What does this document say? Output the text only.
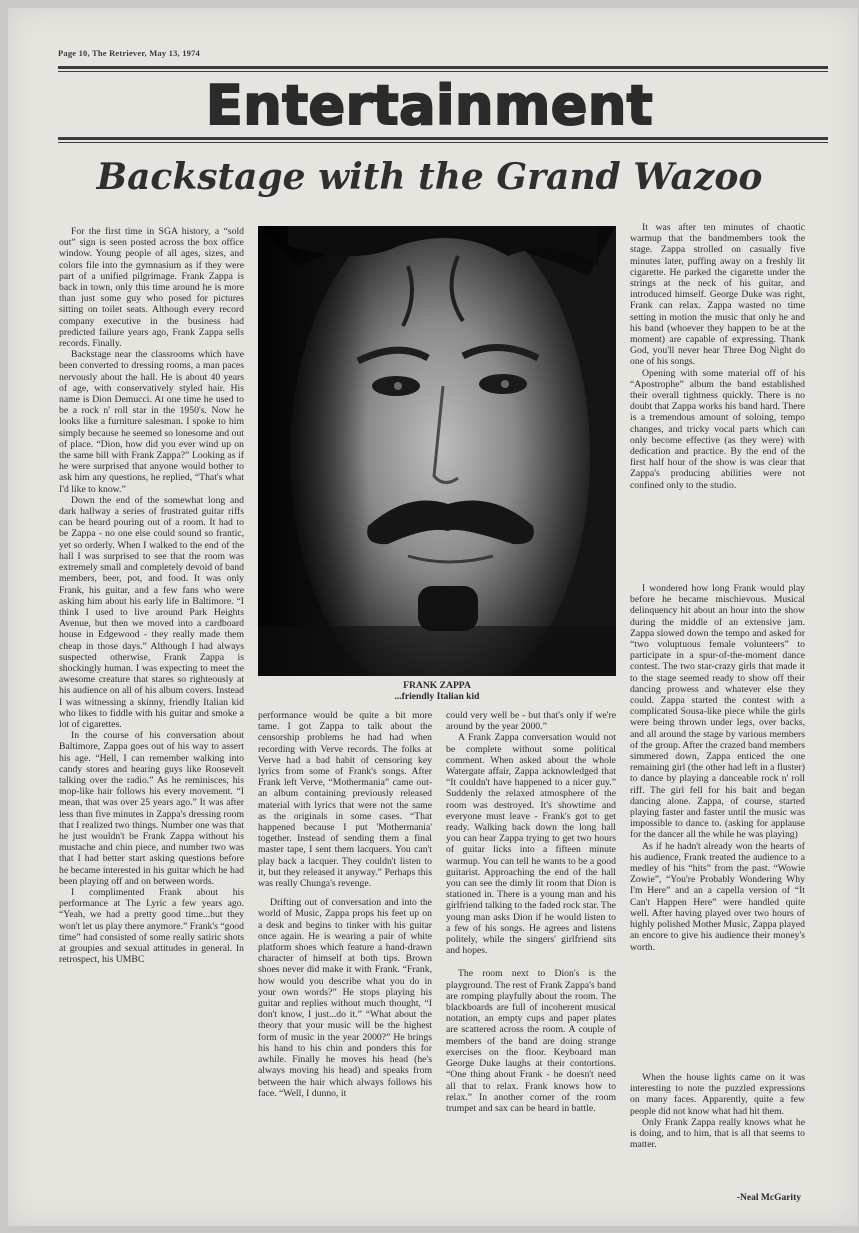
Page 10, The Retriever, May 13, 1974
Entertainment
Backstage with the Grand Wazoo

For the first time in SGA history, a “sold out” sign is seen posted across the box office window. Young people of all ages, sizes, and colors file into the gymnasium as if they were part of a unified pilgrimage. Frank Zappa is back in town, only this time around he is more than just some guy who posed for pictures sitting on toilet seats. Although every record company executive in the business had predicted failure years ago, Frank Zappa sells records. Finally.

Backstage near the classrooms which have been converted to dressing rooms, a man paces nervously about the hall. He is about 40 years of age, with conservatively styled hair. His name is Dion Demucci. At one time he used to be a rock n' roll star in the 1950's. Now he looks like a furniture salesman. I spoke to him simply because he seemed so lonesome and out of place. “Dion, how did you ever wind up on the same bill with Frank Zappa?” Looking as if he were surprised that anyone would bother to ask him any questions, he replied, “That's what I'd like to know.”

Down the end of the somewhat long and dark hallway a series of frustrated guitar riffs can be heard pouring out of a room. It had to be Zappa - no one else could sound so frantic, yet so orderly. When I walked to the end of the hall I was surprised to see that the room was extremely small and completely devoid of band members, beer, pot, and food. It was only Frank, his guitar, and a few fans who were asking him about his early life in Baltimore. “I think I used to live around Park Heights Avenue, but then we moved into a cardboard house in Edgewood - they really made them cheap in those days.” Although I had always suspected otherwise, Frank Zappa is shockingly human. I was expecting to meet the awesome creature that stares so righteously at his audience on all of his album covers. Instead I was witnessing a skinny, friendly Italian kid who likes to fiddle with his guitar and smoke a lot of cigarettes.

In the course of his conversation about Baltimore, Zappa goes out of his way to assert his age. “Hell, I can remember walking into candy stores and hearing guys like Roosevelt talking over the radio.” As he reminisces, his mop-like hair follows his every movement. “I mean, that was over 25 years ago.” It was after less than five minutes in Zappa's dressing room that I realized two things. Number one was that he just wouldn't be Frank Zappa without his mustache and chin piece, and number two was that I had better start asking questions before he became interested in his guitar which he had been playing off and on between words.

I complimented Frank about his performance at The Lyric a few years ago. “Yeah, we had a pretty good time...but they won't let us play there anymore.” Frank's “good time” had consisted of some really satiric shots at groupies and sexual attitudes in general. In retrospect, his UMBC

FRANK ZAPPA
...friendly Italian kid

performance would be quite a bit more tame. I got Zappa to talk about the censorship problems he had had when recording with Verve records. The folks at Verve had a bad habit of censoring key lyrics from some of Frank's songs. After Frank left Verve, “Mothermania” came out-an album containing previously released material with lyrics that were not the same as the originals in some cases. “That happened because I put 'Mothermania' together. Instead of sending them a final master tape, I sent them lacquers. You can't play back a lacquer. They couldn't listen to it, but they released it anyway.” Perhaps this was really Chunga's revenge.

Drifting out of conversation and into the world of Music, Zappa props his feet up on a desk and begins to tinker with his guitar once again. He is wearing a pair of white platform shoes which feature a hand-drawn character of himself at both tips. Brown shoes never did make it with Frank. “Frank, how would you describe what you do in your own words?” He stops playing his guitar and replies without much thought, “I don't know, I just...do it.” “What about the theory that your music will be the highest form of music in the year 2000?” He brings his hand to his chin and ponders this for awhile. Finally he moves his head (he's always moving his head) and speaks from between the hair which always follows his face. “Well, I dunno, it

could very well be - but that's only if we're around by the year 2000.”

A Frank Zappa conversation would not be complete without some political comment. When asked about the whole Watergate affair, Zappa acknowledged that “It couldn't have happened to a nicer guy.” Suddenly the relaxed atmosphere of the room was destroyed. It's showtime and everyone must leave - Frank's got to get ready. Walking back down the long hall you can hear Zappa trying to get two hours of guitar licks into a fifteen minute warmup. You can tell he wants to be a good guitarist. Approaching the end of the hall you can see the dimly lit room that Dion is stationed in. There is a young man and his girlfriend talking to the faded rock star. The young man asks Dion if he would listen to a few of his songs. He agrees and listens politely, while the singers' girlfriend sits and hopes.

The room next to Dion's is the playground. The rest of Frank Zappa's band are romping playfully about the room. The blackboards are full of incoherent musical notation, an empty cups and paper plates are scattered across the room. A couple of members of the band are doing strange exercises on the floor. Keyboard man George Duke laughs at their contortions. “One thing about Frank - he doesn't need all that to relax. Frank knows how to relax.” In another corner of the room trumpet and sax can be heard in battle.

It was after ten minutes of chaotic warmup that the bandmembers took the stage. Zappa strolled on casually five minutes later, puffing away on a freshly lit cigarette. He parked the cigarette under the strings at the neck of his guitar, and introduced himself. George Duke was right, Frank can relax. Zappa wasted no time setting in motion the music that only he and his band (whoever they happen to be at the moment) are capable of expressing. Thank God, you'll never hear Three Dog Night do one of his songs.

Opening with some material off of his “Apostrophe” album the band established their overall tightness quickly. There is no doubt that Zappa works his band hard. There is a tremendous amount of soloing, tempo changes, and tricky vocal parts which can only become effective (as they were) with dedication and practice. By the end of the first half hour of the show is was clear that Zappa's producing abilities were not confined only to the studio.

I wondered how long Frank would play before he became mischievous. Musical delinquency hit about an hour into the show during the middle of an extensive jam. Zappa slowed down the tempo and asked for “two voluptuous female volunteers” to participate in a spur-of-the-moment dance contest. The two star-crazy girls that made it to the stage seemed ready to show off their dancing prowess and whatever else they could. Zappa started the contest with a complicated Sousa-like piece while the girls were being thrown under legs, over backs, and all around the stage by various members of the group. After the crazed band members simmered down, Zappa enticed the one remaining girl (the other had left in a fluster) to dance by playing a danceable rock n' roll riff. The girl fell for his bait and began dancing alone. Zappa, of course, started playing faster and faster until the music was impossible to dance to. (asking for applause for the dancer all the while he was playing)

As if he hadn't already won the hearts of his audience, Frank treated the audience to a medley of his “hits” from the past. “Wowie Zowie”, “You're Probably Wondering Why I'm Here” and an a capella version of “It Can't Happen Here” were handled quite well. After having played over two hours of highly polished Mother Music, Zappa played an encore to give his audience their money's worth.

When the house lights came on it was interesting to note the puzzled expressions on many faces. Apparently, quite a few people did not know what had hit them.

Only Frank Zappa really knows what he is doing, and to him, that is all that seems to matter.

-Neal McGarity
